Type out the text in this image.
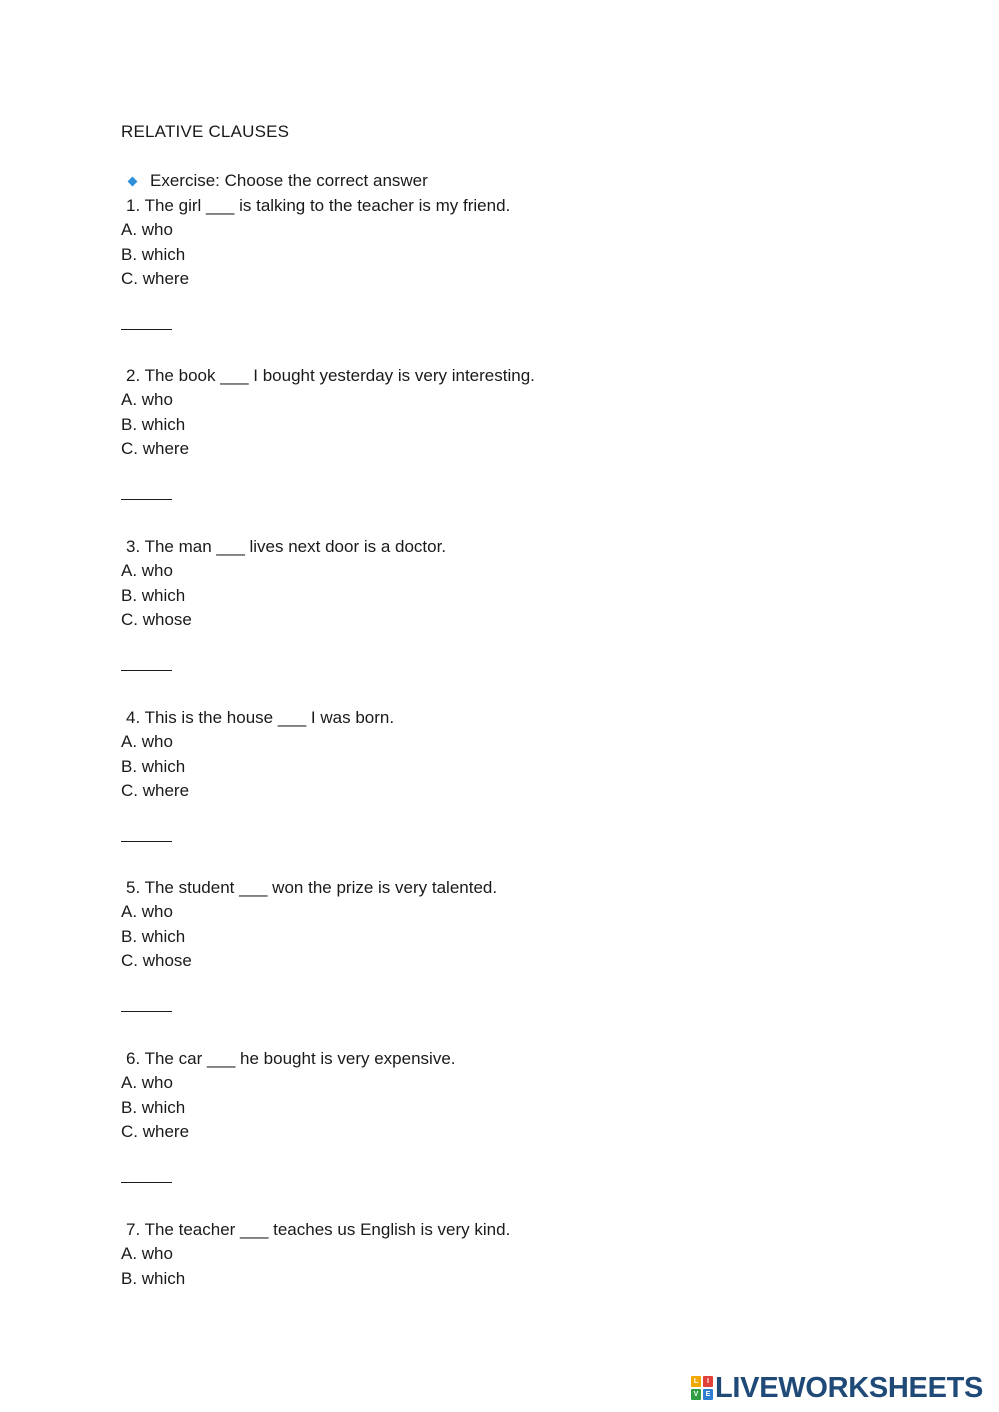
RELATIVE CLAUSES
Exercise: Choose the correct answer
1. The girl ___ is talking to the teacher is my friend.
A. who
B. which
C. where
2. The book ___ I bought yesterday is very interesting.
A. who
B. which
C. where
3. The man ___ lives next door is a doctor.
A. who
B. which
C. whose
4. This is the house ___ I was born.
A. who
B. which
C. where
5. The student ___ won the prize is very talented.
A. who
B. which
C. whose
6. The car ___ he bought is very expensive.
A. who
B. which
C. where
7. The teacher ___ teaches us English is very kind.
A. who
B. which
L	I
V	E LIVEWORKSHEETS
